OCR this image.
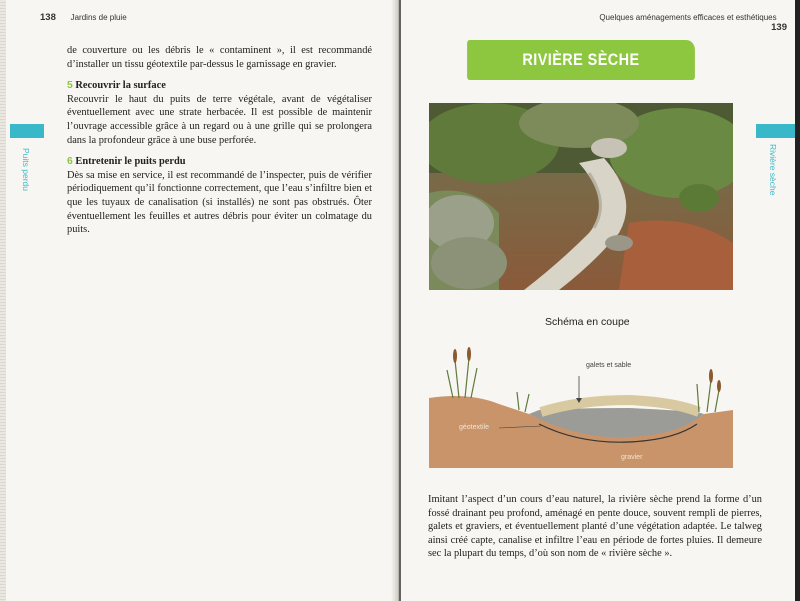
138 Jardins de pluie
Puits perdu

de couverture ou les débris le « contaminent », il est recommandé d’installer un tissu géotextile par-dessus le garnissage en gravier.

5 Recouvrir la surface
Recouvrir le haut du puits de terre végétale, avant de végétaliser éventuellement avec une strate herbacée. Il est possible de maintenir l’ouvrage accessible grâce à un regard ou à une grille qui se prolongera dans la profondeur grâce à une buse perforée.

6 Entretenir le puits perdu
Dès sa mise en service, il est recommandé de l’inspecter, puis de vérifier périodiquement qu’il fonctionne correctement, que l’eau s’infiltre bien et que les tuyaux de canalisation (si installés) ne sont pas obstrués. Ôter éventuellement les feuilles et autres débris pour éviter un colmatage du puits.

Quelques aménagements efficaces et esthétiques  139
RIVIÈRE SÈCHE
Rivière sèche
Schéma en coupe
galets et sable
géotextile
gravier

Imitant l’aspect d’un cours d’eau naturel, la rivière sèche prend la forme d’un fossé drainant peu profond, aménagé en pente douce, souvent rempli de pierres, galets et graviers, et éventuellement planté d’une végétation adaptée. Le talweg ainsi créé capte, canalise et infiltre l’eau en période de fortes pluies. Il demeure sec la plupart du temps, d’où son nom de « rivière sèche ».
